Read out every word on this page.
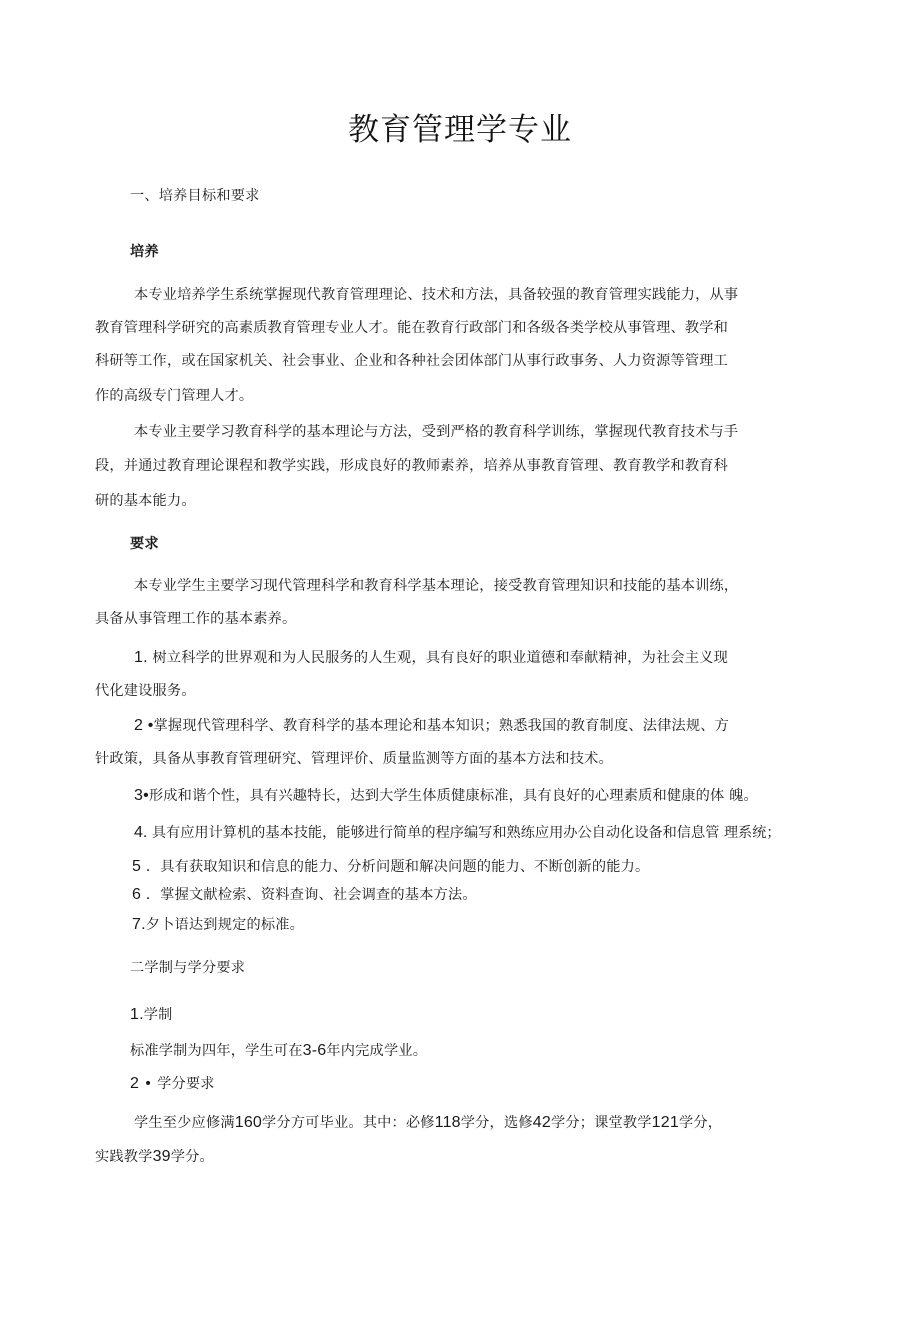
教育管理学专业
一、培养目标和要求
培养
本专业培养学生系统掌握现代教育管理理论、技术和方法，具备较强的教育管理实践能力，从事
教育管理科学研究的高素质教育管理专业人才。能在教育行政部门和各级各类学校从事管理、教学和
科研等工作，或在国家机关、社会事业、企业和各种社会团体部门从事行政事务、人力资源等管理工
作的高级专门管理人才。
本专业主要学习教育科学的基本理论与方法，受到严格的教育科学训练，掌握现代教育技术与手
段，并通过教育理论课程和教学实践，形成良好的教师素养，培养从事教育管理、教育教学和教育科
研的基本能力。
要求
本专业学生主要学习现代管理科学和教育科学基本理论，接受教育管理知识和技能的基本训练，
具备从事管理工作的基本素养。
1. 树立科学的世界观和为人民服务的人生观，具有良好的职业道德和奉献精神，为社会主义现
代化建设服务。
2 •掌握现代管理科学、教育科学的基本理论和基本知识；熟悉我国的教育制度、法律法规、方
针政策，具备从事教育管理研究、管理评价、质量监测等方面的基本方法和技术。
3•形成和谐个性，具有兴趣特长，达到大学生体质健康标准，具有良好的心理素质和健康的体 魄。
4. 具有应用计算机的基本技能，能够进行简单的程序编写和熟练应用办公自动化设备和信息管 理系统；
5 ．具有获取知识和信息的能力、分析问题和解决问题的能力、不断创新的能力。
6 ．掌握文献检索、资料查询、社会调查的基本方法。
7.夕卜语达到规定的标准。
二学制与学分要求
1.学制
标准学制为四年，学生可在3-6年内完成学业。
2 • 学分要求
学生至少应修满160学分方可毕业。其中：必修118学分，选修42学分；课堂教学121学分，
实践教学39学分。
